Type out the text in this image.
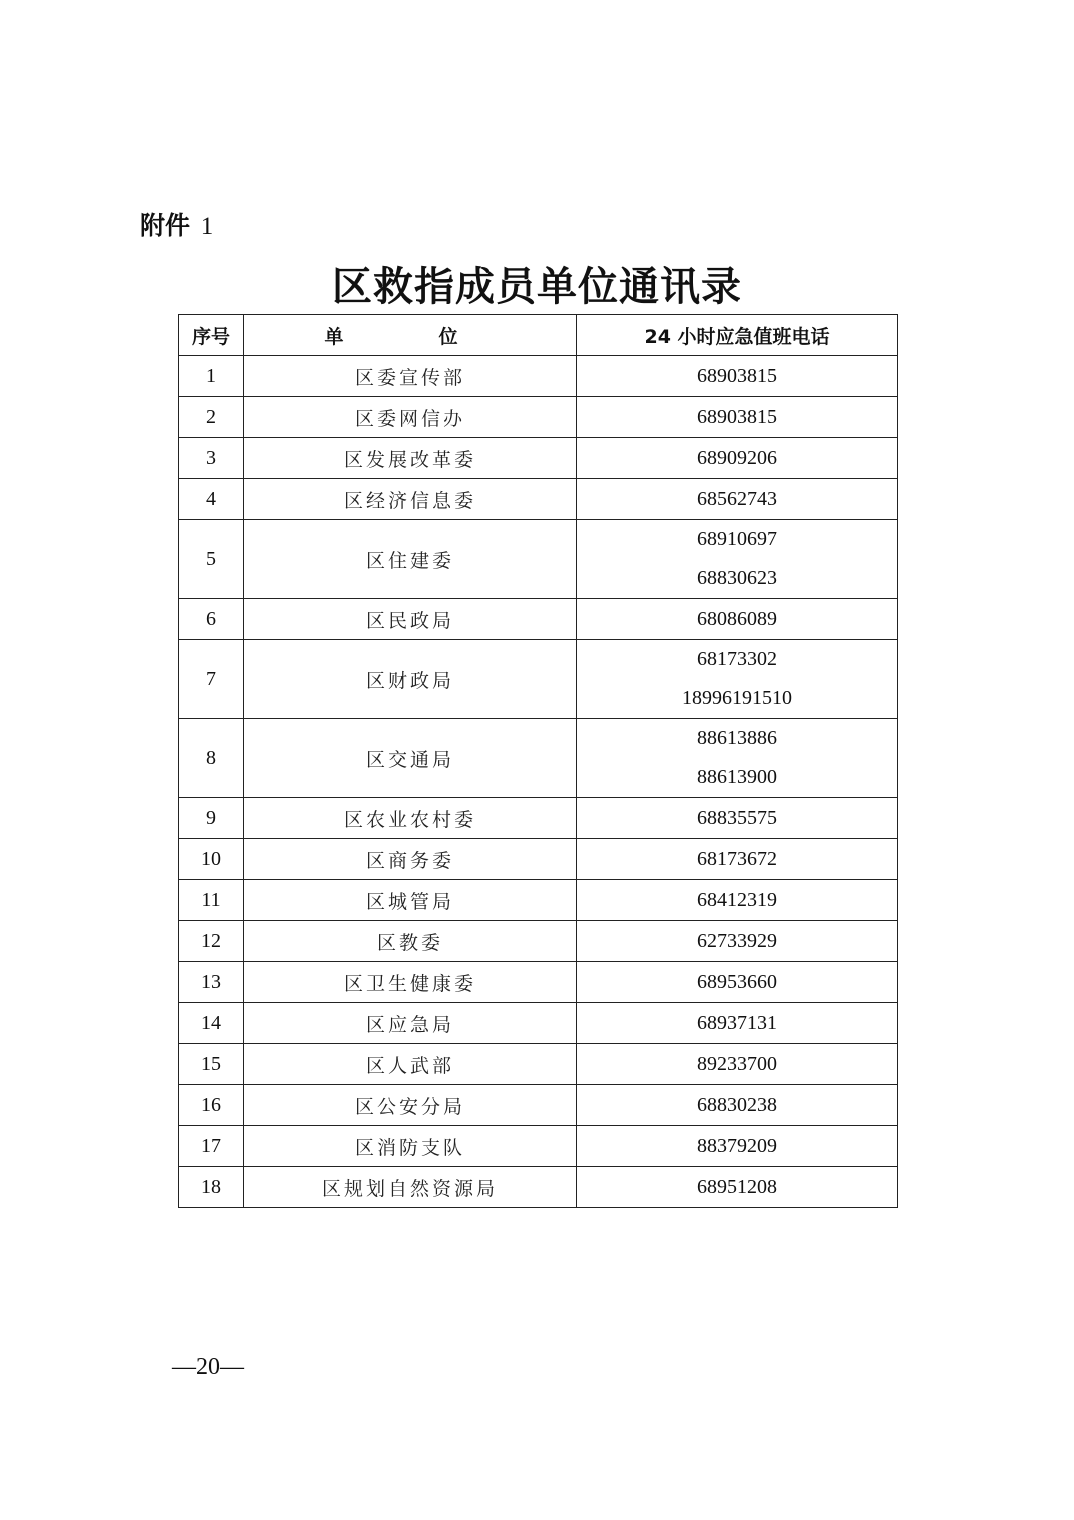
附件 1
区救指成员单位通讯录
序号	单　位	24 小时应急值班电话
1	区委宣传部	68903815

2	区委网信办	68903815

3	区发展改革委	68909206

4	区经济信息委	68562743

5	区住建委	68910697
68830623

6	区民政局	68086089

7	区财政局	68173302
18996191510

8	区交通局	88613886
88613900

9	区农业农村委	68835575

10	区商务委	68173672

11	区城管局	68412319

12	区教委	62733929

13	区卫生健康委	68953660

14	区应急局	68937131

15	区人武部	89233700

16	区公安分局	68830238

17	区消防支队	88379209

18	区规划自然资源局	68951208
—20—
